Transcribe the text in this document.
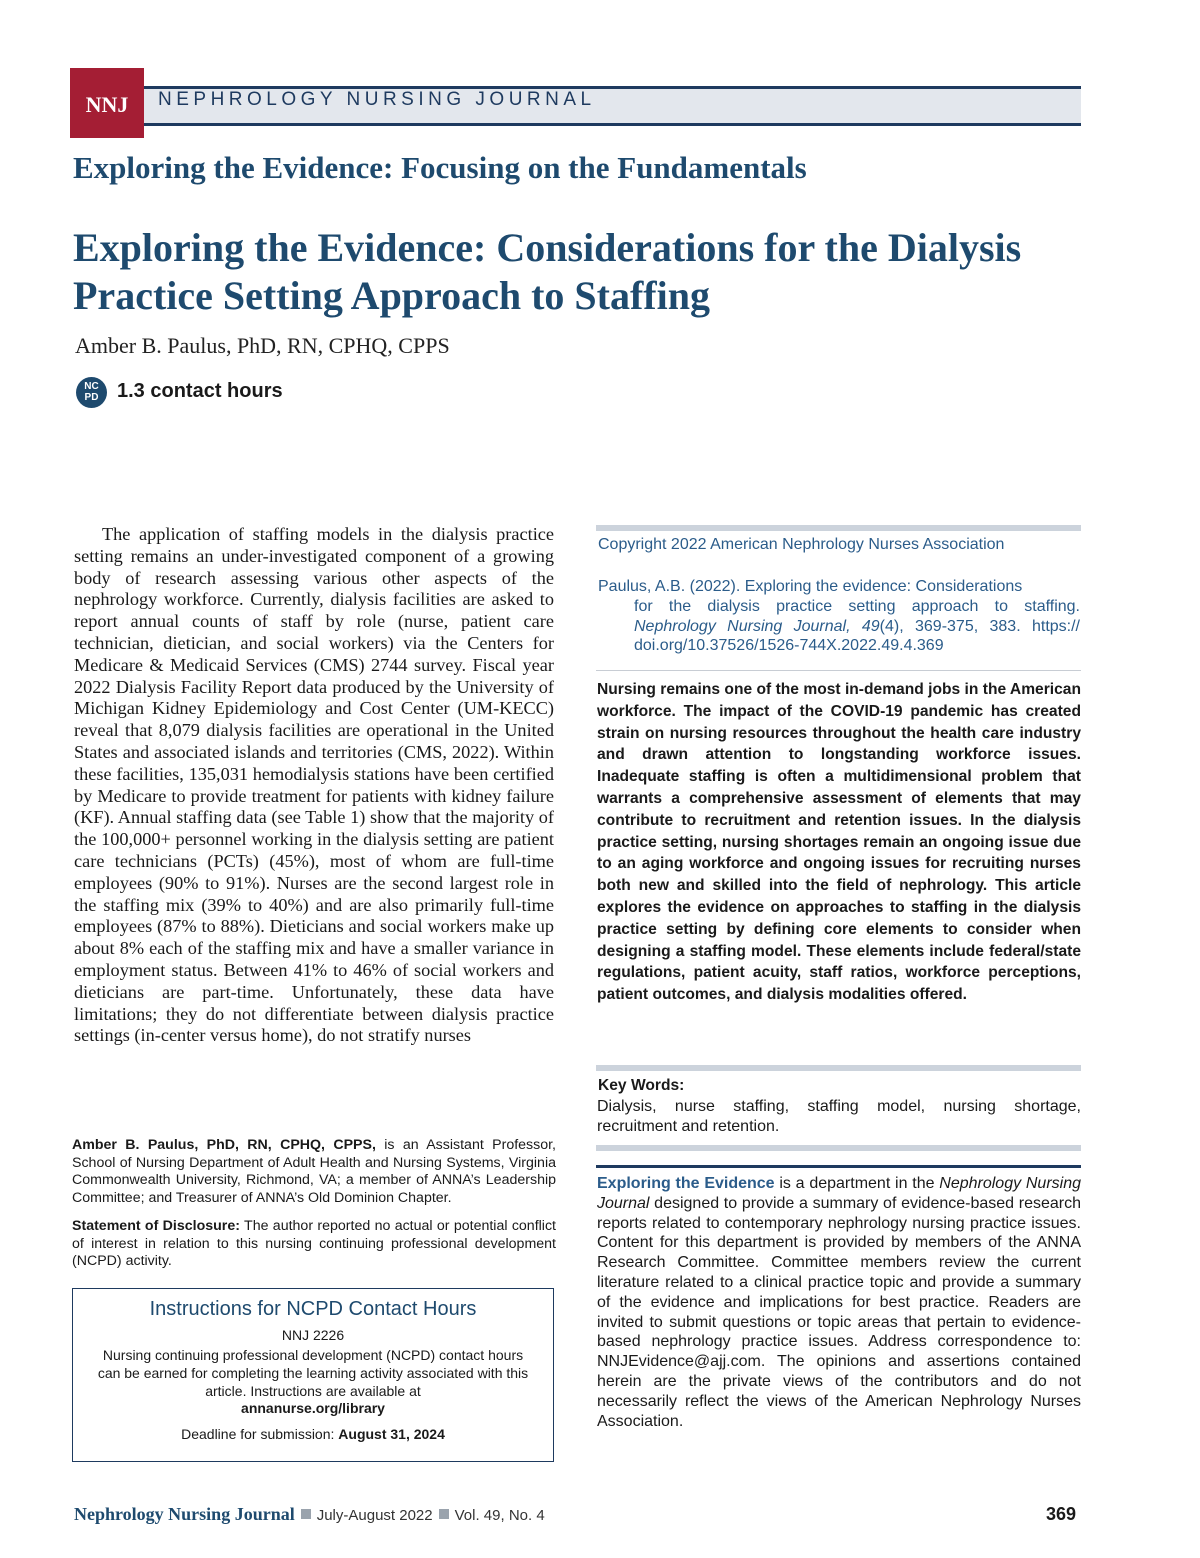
NNJ	NEPHROLOGY NURSING JOURNAL
Exploring the Evidence: Focusing on the Fundamentals
Exploring the Evidence: Considerations for the Dialysis Practice Setting Approach to Staffing
Amber B. Paulus, PhD, RN, CPHQ, CPPS
NC
PD 1.3 contact hours
The application of staffing models in the dialysis practice setting remains an under-investigated component of a growing body of research assessing various other aspects of the nephrology workforce. Currently, dialysis facilities are asked to report annual counts of staff by role (nurse, patient care technician, dietician, and social workers) via the Centers for Medicare & Medicaid Services (CMS) 2744 survey. Fiscal year 2022 Dialysis Facility Report data produced by the University of Michigan Kidney Epidemiology and Cost Center (UM-KECC) reveal that 8,079 dialysis facilities are operational in the United States and associated islands and territories (CMS, 2022). Within these facilities, 135,031 hemodialysis stations have been certified by Medicare to provide treatment for patients with kidney failure (KF). Annual staffing data (see Table 1) show that the majority of the 100,000+ personnel working in the dialysis setting are patient care technicians (PCTs) (45%), most of whom are full-time employees (90% to 91%). Nurses are the second largest role in the staffing mix (39% to 40%) and are also primarily full-time employees (87% to 88%). Dieticians and social workers make up about 8% each of the staffing mix and have a smaller variance in employment status. Between 41% to 46% of social workers and dieticians are part-time. Unfortunately, these data have limitations; they do not differentiate between dialysis practice settings (in-center versus home), do not stratify nurses
Amber B. Paulus, PhD, RN, CPHQ, CPPS, is an Assistant Professor, School of Nursing Department of Adult Health and Nursing Systems, Virginia Commonwealth University, Richmond, VA; a member of ANNA’s Leadership Committee; and Treasurer of ANNA’s Old Dominion Chapter.
Statement of Disclosure: The author reported no actual or potential conflict of interest in relation to this nursing continuing professional development (NCPD) activity.
Instructions for NCPD Contact Hours
NNJ 2226
Nursing continuing professional development (NCPD) contact hours can be earned for completing the learning activity associated with this article. Instructions are available at
annanurse.org/library
Deadline for submission: August 31, 2024
Copyright 2022 American Nephrology Nurses Association
Paulus, A.B. (2022). Exploring the evidence: Considerations
for the dialysis practice setting approach to staffing. Nephrology Nursing Journal, 49(4), 369-375, 383. https:// doi.org/10.37526/1526-744X.2022.49.4.369
Nursing remains one of the most in-demand jobs in the American workforce. The impact of the COVID-19 pandemic has created strain on nursing resources throughout the health care industry and drawn attention to longstanding workforce issues. Inadequate staffing is often a multidimensional problem that warrants a comprehensive assessment of elements that may contribute to recruitment and retention issues. In the dialysis practice setting, nursing shortages remain an ongoing issue due to an aging workforce and ongoing issues for recruiting nurses both new and skilled into the field of nephrology. This article explores the evidence on approaches to staffing in the dialysis practice setting by defining core elements to consider when designing a staffing model. These elements include federal/state regulations, patient acuity, staff ratios, workforce perceptions, patient outcomes, and dialysis modalities offered.
Key Words:
Dialysis, nurse staffing, staffing model, nursing shortage, recruitment and retention.
Exploring the Evidence is a department in the Nephrology Nursing Journal designed to provide a summary of evidence-based research reports related to contemporary nephrology nursing practice issues. Content for this department is provided by members of the ANNA Research Committee. Committee members review the current literature related to a clinical practice topic and provide a summary of the evidence and implications for best practice. Readers are invited to submit questions or topic areas that pertain to evidence-based nephrology practice issues. Address correspondence to: NNJEvidence@ajj.com. The opinions and assertions contained herein are the private views of the contributors and do not necessarily reflect the views of the American Nephrology Nurses Association.
Nephrology Nursing Journal July-August 2022 Vol. 49, No. 4	369
